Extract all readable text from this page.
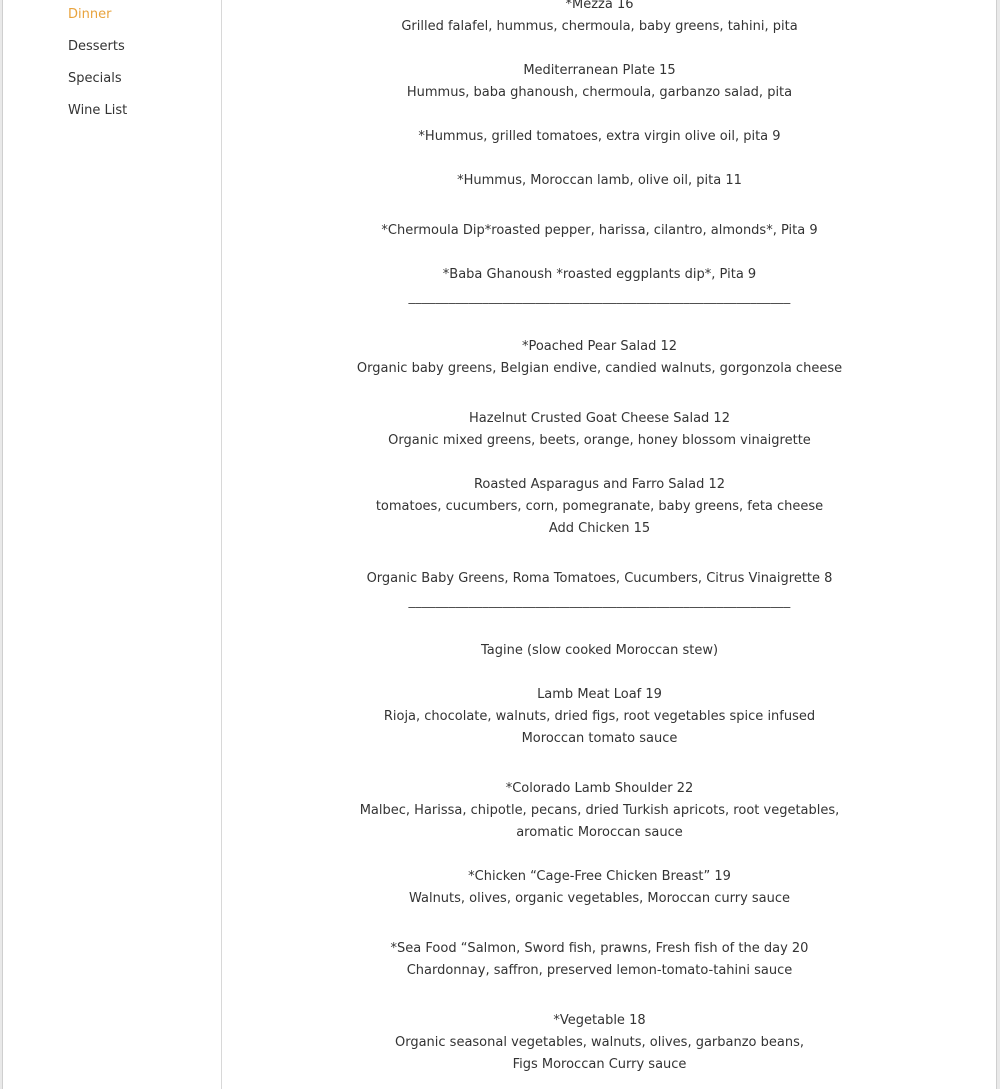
Dinner
Desserts
Specials
Wine List
*Mezza 16
Grilled falafel, hummus, chermoula, baby greens, tahini, pita
Mediterranean Plate 15
Hummus, baba ghanoush, chermoula, garbanzo salad, pita
*Hummus, grilled tomatoes, extra virgin olive oil, pita 9
*Hummus, Moroccan lamb, olive oil, pita 11
*Chermoula Dip*roasted pepper, harissa, cilantro, almonds*, Pita 9
*Baba Ghanoush *roasted eggplants dip*, Pita 9
_________________________________________________________
*Poached Pear Salad 12
Organic baby greens, Belgian endive, candied walnuts, gorgonzola cheese
Hazelnut Crusted Goat Cheese Salad 12
Organic mixed greens, beets, orange, honey blossom vinaigrette
Roasted Asparagus and Farro Salad 12
tomatoes, cucumbers, corn, pomegranate, baby greens, feta cheese
Add Chicken 15
Organic Baby Greens, Roma Tomatoes, Cucumbers, Citrus Vinaigrette 8
_________________________________________________________
Tagine (slow cooked Moroccan stew)
Lamb Meat Loaf 19
Rioja, chocolate, walnuts, dried figs, root vegetables spice infused
Moroccan tomato sauce
*Colorado Lamb Shoulder 22
Malbec, Harissa, chipotle, pecans, dried Turkish apricots, root vegetables,
aromatic Moroccan sauce
*Chicken “Cage-Free Chicken Breast” 19
Walnuts, olives, organic vegetables, Moroccan curry sauce
*Sea Food “Salmon, Sword fish, prawns, Fresh fish of the day 20
Chardonnay, saffron, preserved lemon-tomato-tahini sauce
*Vegetable 18
Organic seasonal vegetables, walnuts, olives, garbanzo beans,
Figs Moroccan Curry sauce
